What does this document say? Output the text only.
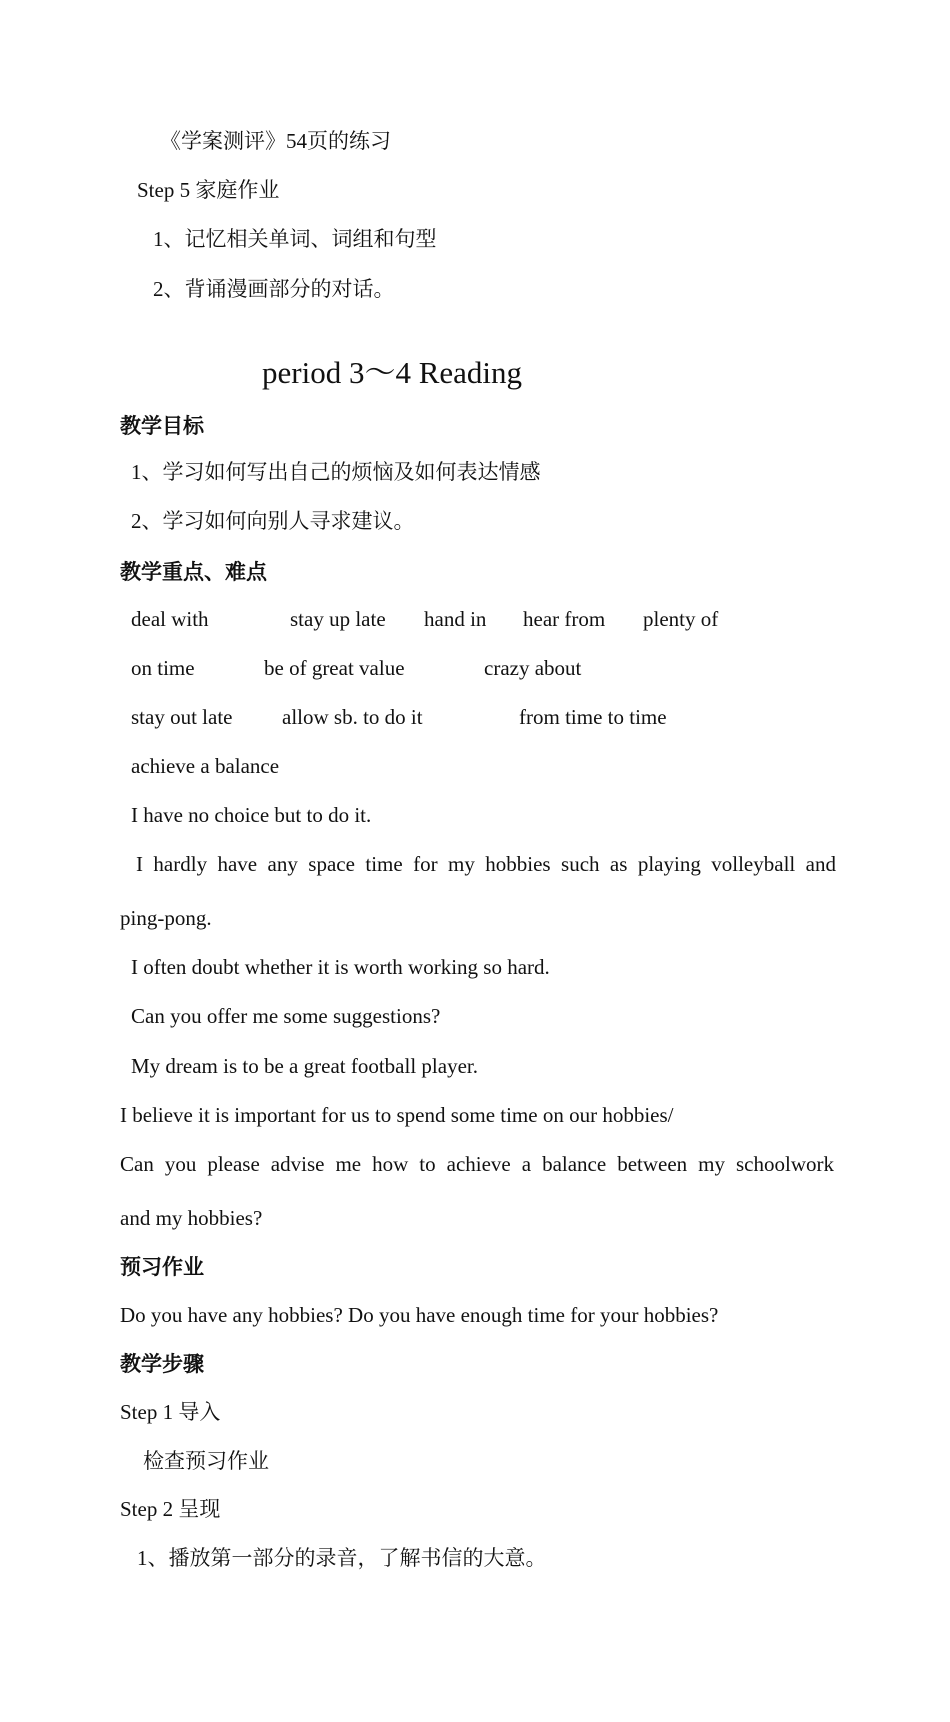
《学案测评》54页的练习
Step 5 家庭作业
1、记忆相关单词、词组和句型
2、背诵漫画部分的对话。
period 3～4 Reading
教学目标
1、学习如何写出自己的烦恼及如何表达情感
2、学习如何向别人寻求建议。
教学重点、难点
deal with	stay up late hand in hear from plenty of
on time	be of great value	crazy about
stay out late allow sb. to do it	from time to time
achieve a balance
I have no choice but to do it.
I hardly have any space time for my hobbies such as playing volleyball and
ping-pong.
I often doubt whether it is worth working so hard.
Can you offer me some suggestions?
My dream is to be a great football player.
I believe it is important for us to spend some time on our hobbies/
Can you please advise me how to achieve a balance between my schoolwork
and my hobbies?
预习作业
Do you have any hobbies? Do you have enough time for your hobbies?
教学步骤
Step 1 导入
检查预习作业
Step 2 呈现
1、播放第一部分的录音，了解书信的大意。
